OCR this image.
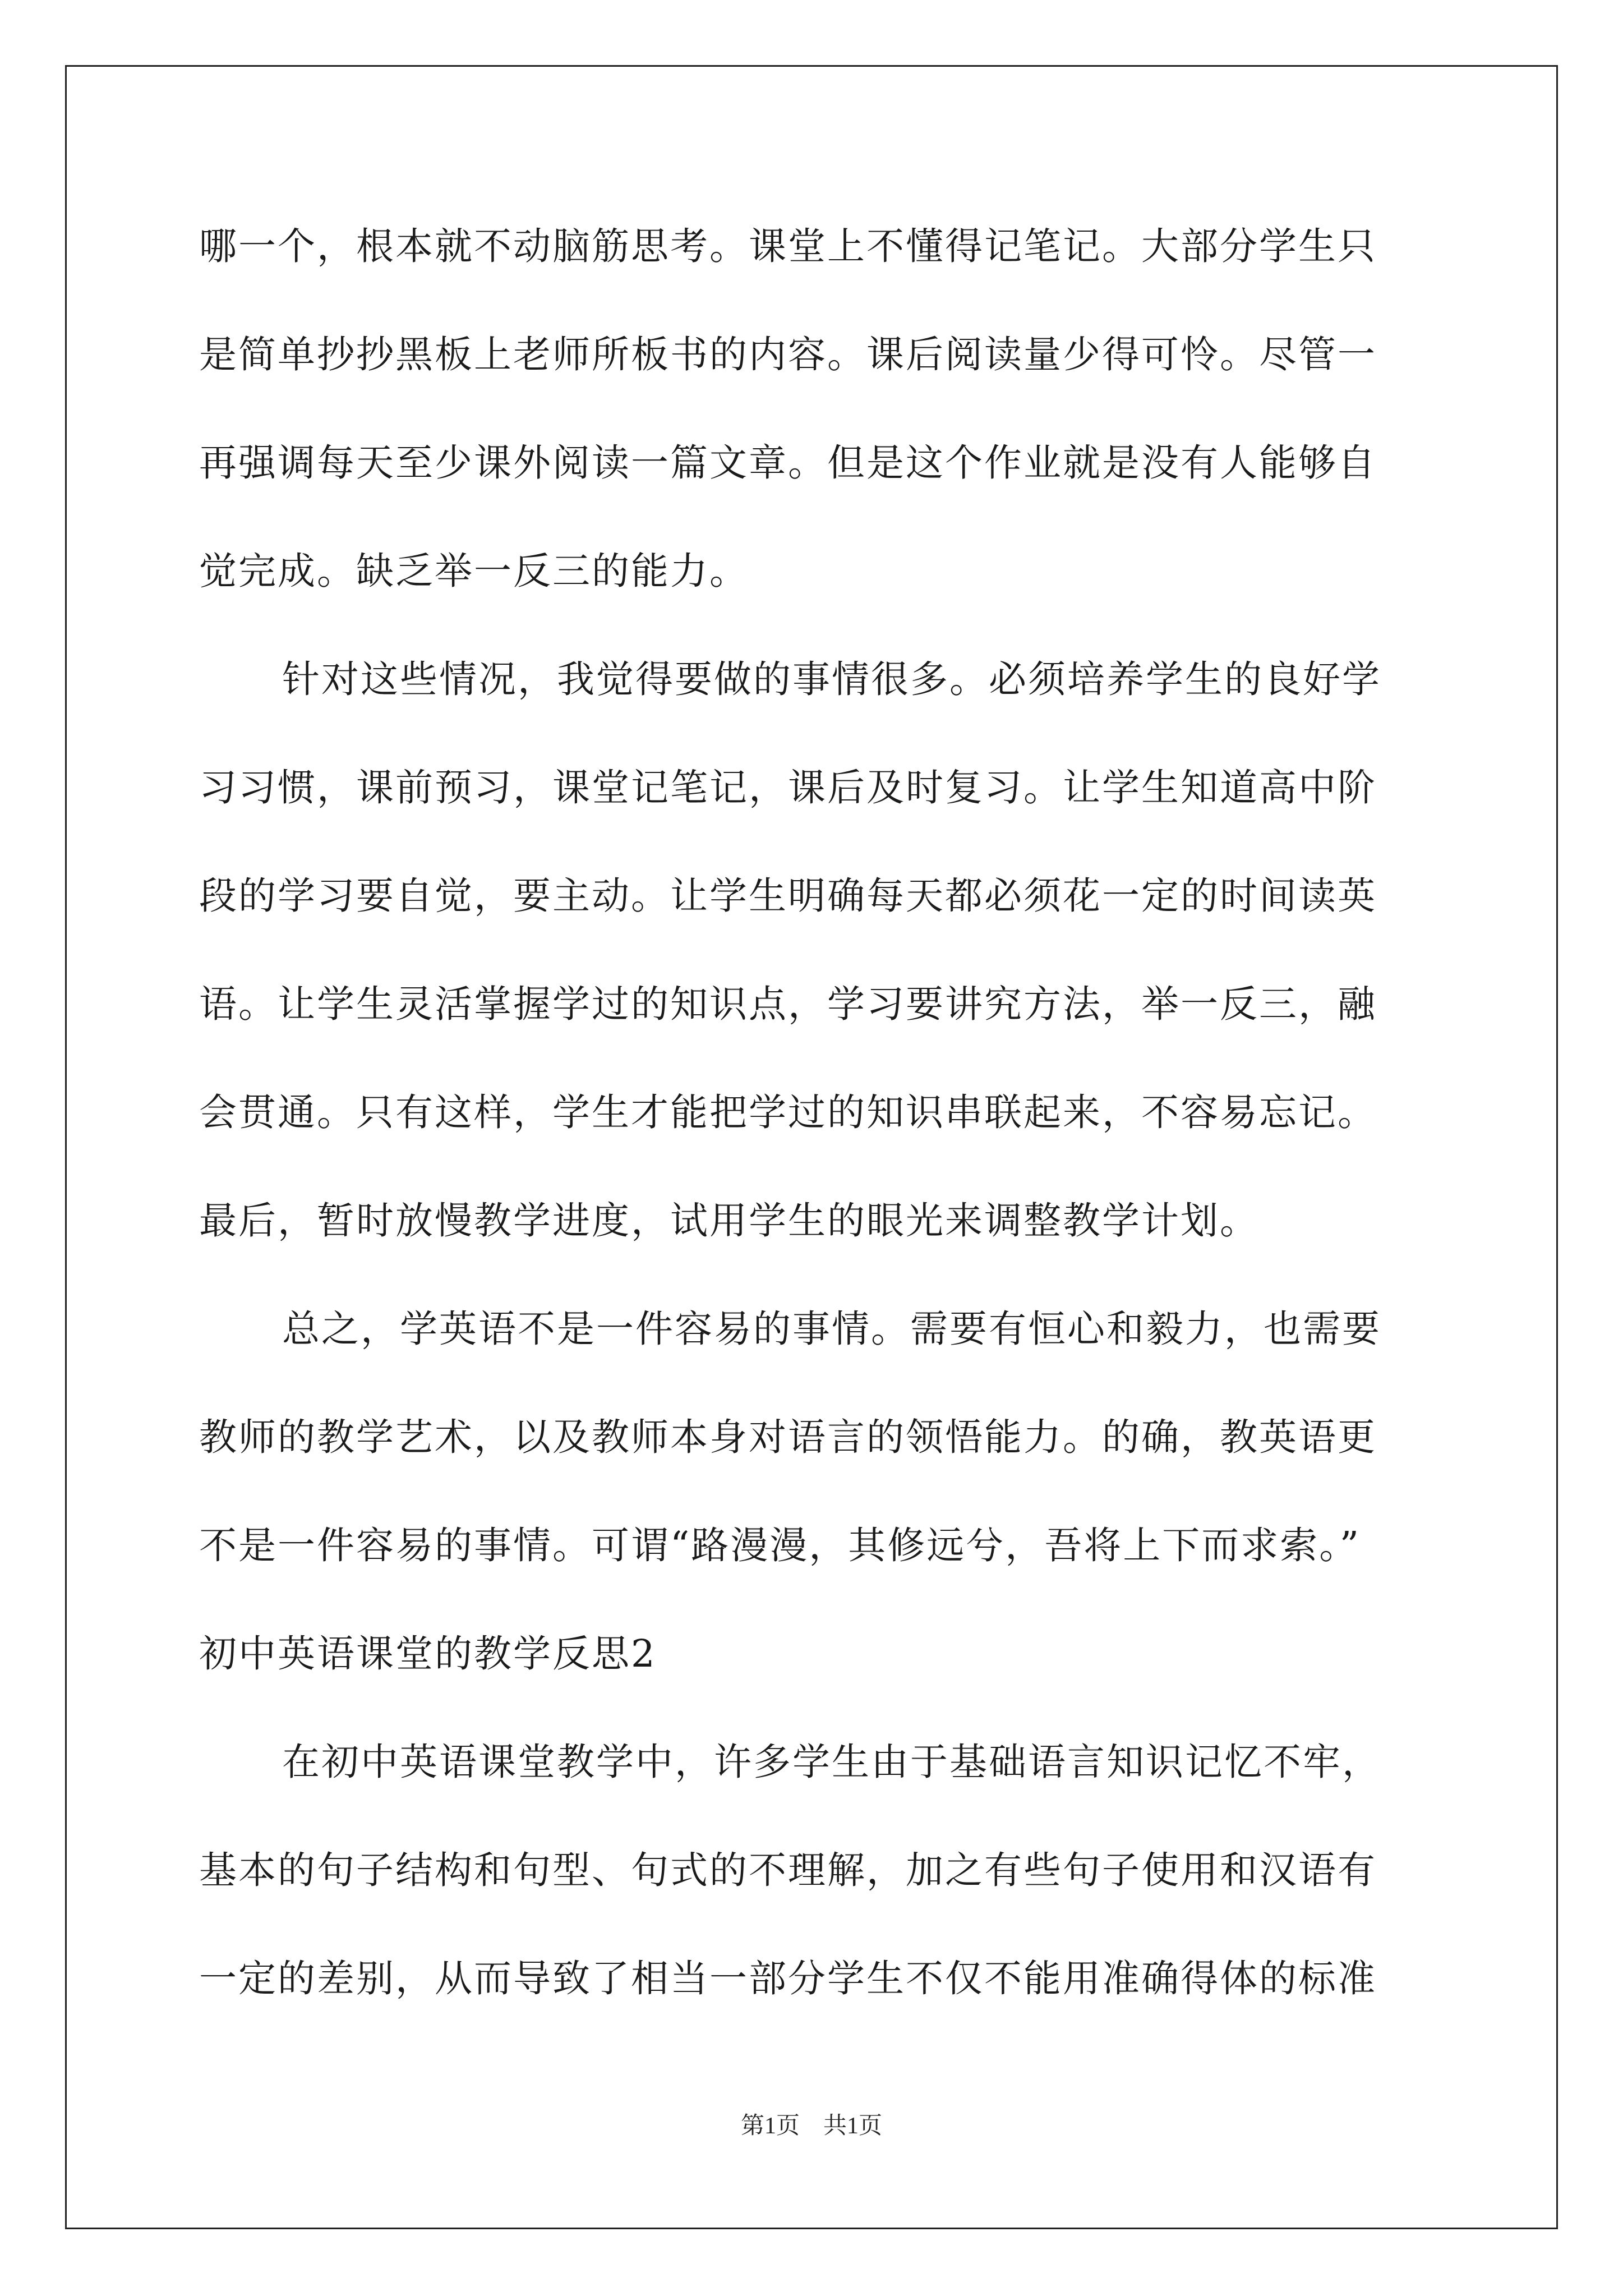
哪一个，根本就不动脑筋思考。课堂上不懂得记笔记。大部分学生只
是简单抄抄黑板上老师所板书的内容。课后阅读量少得可怜。尽管一
再强调每天至少课外阅读一篇文章。但是这个作业就是没有人能够自
觉完成。缺乏举一反三的能力。
针对这些情况，我觉得要做的事情很多。必须培养学生的良好学
习习惯，课前预习，课堂记笔记，课后及时复习。让学生知道高中阶
段的学习要自觉，要主动。让学生明确每天都必须花一定的时间读英
语。让学生灵活掌握学过的知识点，学习要讲究方法，举一反三，融
会贯通。只有这样，学生才能把学过的知识串联起来，不容易忘记。
最后，暂时放慢教学进度，试用学生的眼光来调整教学计划。
总之，学英语不是一件容易的事情。需要有恒心和毅力，也需要
教师的教学艺术，以及教师本身对语言的领悟能力。的确，教英语更
不是一件容易的事情。可谓“路漫漫，其修远兮，吾将上下而求索。”
初中英语课堂的教学反思2
在初中英语课堂教学中，许多学生由于基础语言知识记忆不牢，
基本的句子结构和句型、句式的不理解，加之有些句子使用和汉语有
一定的差别，从而导致了相当一部分学生不仅不能用准确得体的标准
第1页　共1页
